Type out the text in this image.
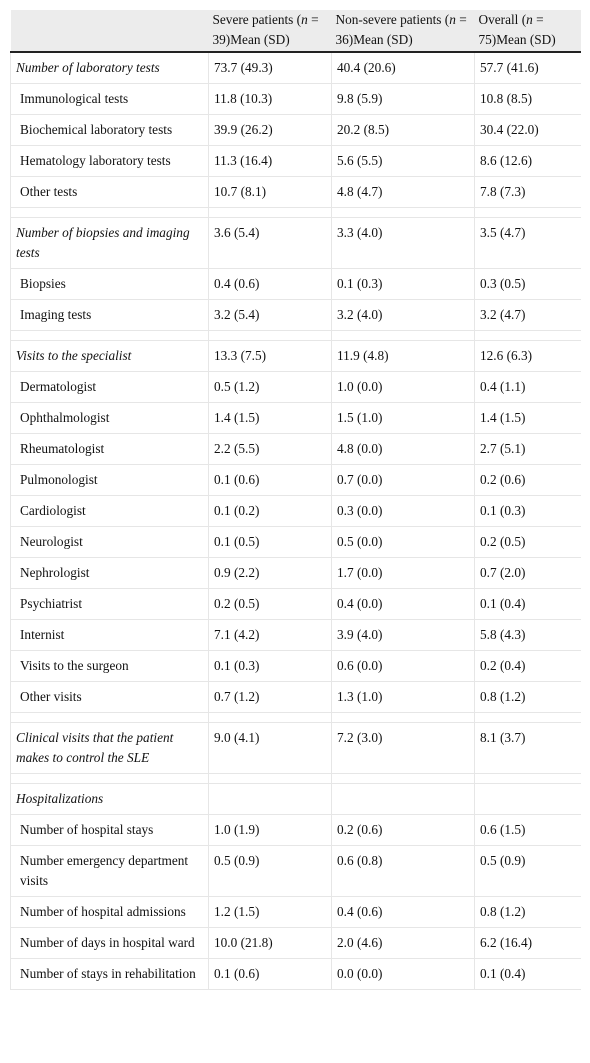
	Severe patients (n = 39)Mean (SD)	Non-severe patients (n = 36)Mean (SD)	Overall (n = 75)Mean (SD)
Number of laboratory tests	73.7 (49.3)	40.4 (20.6)	57.7 (41.6)
Immunological tests	11.8 (10.3)	9.8 (5.9)	10.8 (8.5)
Biochemical laboratory tests	39.9 (26.2)	20.2 (8.5)	30.4 (22.0)
Hematology laboratory tests	11.3 (16.4)	5.6 (5.5)	8.6 (12.6)
Other tests	10.7 (8.1)	4.8 (4.7)	7.8 (7.3)

Number of biopsies and imaging tests	3.6 (5.4)	3.3 (4.0)	3.5 (4.7)
Biopsies	0.4 (0.6)	0.1 (0.3)	0.3 (0.5)
Imaging tests	3.2 (5.4)	3.2 (4.0)	3.2 (4.7)

Visits to the specialist	13.3 (7.5)	11.9 (4.8)	12.6 (6.3)
Dermatologist	0.5 (1.2)	1.0 (0.0)	0.4 (1.1)
Ophthalmologist	1.4 (1.5)	1.5 (1.0)	1.4 (1.5)
Rheumatologist	2.2 (5.5)	4.8 (0.0)	2.7 (5.1)
Pulmonologist	0.1 (0.6)	0.7 (0.0)	0.2 (0.6)
Cardiologist	0.1 (0.2)	0.3 (0.0)	0.1 (0.3)
Neurologist	0.1 (0.5)	0.5 (0.0)	0.2 (0.5)
Nephrologist	0.9 (2.2)	1.7 (0.0)	0.7 (2.0)
Psychiatrist	0.2 (0.5)	0.4 (0.0)	0.1 (0.4)
Internist	7.1 (4.2)	3.9 (4.0)	5.8 (4.3)
Visits to the surgeon	0.1 (0.3)	0.6 (0.0)	0.2 (0.4)
Other visits	0.7 (1.2)	1.3 (1.0)	0.8 (1.2)

Clinical visits that the patient makes to control the SLE	9.0 (4.1)	7.2 (3.0)	8.1 (3.7)

Hospitalizations			
Number of hospital stays	1.0 (1.9)	0.2 (0.6)	0.6 (1.5)
Number emergency department visits	0.5 (0.9)	0.6 (0.8)	0.5 (0.9)
Number of hospital admissions	1.2 (1.5)	0.4 (0.6)	0.8 (1.2)
Number of days in hospital ward	10.0 (21.8)	2.0 (4.6)	6.2 (16.4)
Number of stays in rehabilitation	0.1 (0.6)	0.0 (0.0)	0.1 (0.4)
